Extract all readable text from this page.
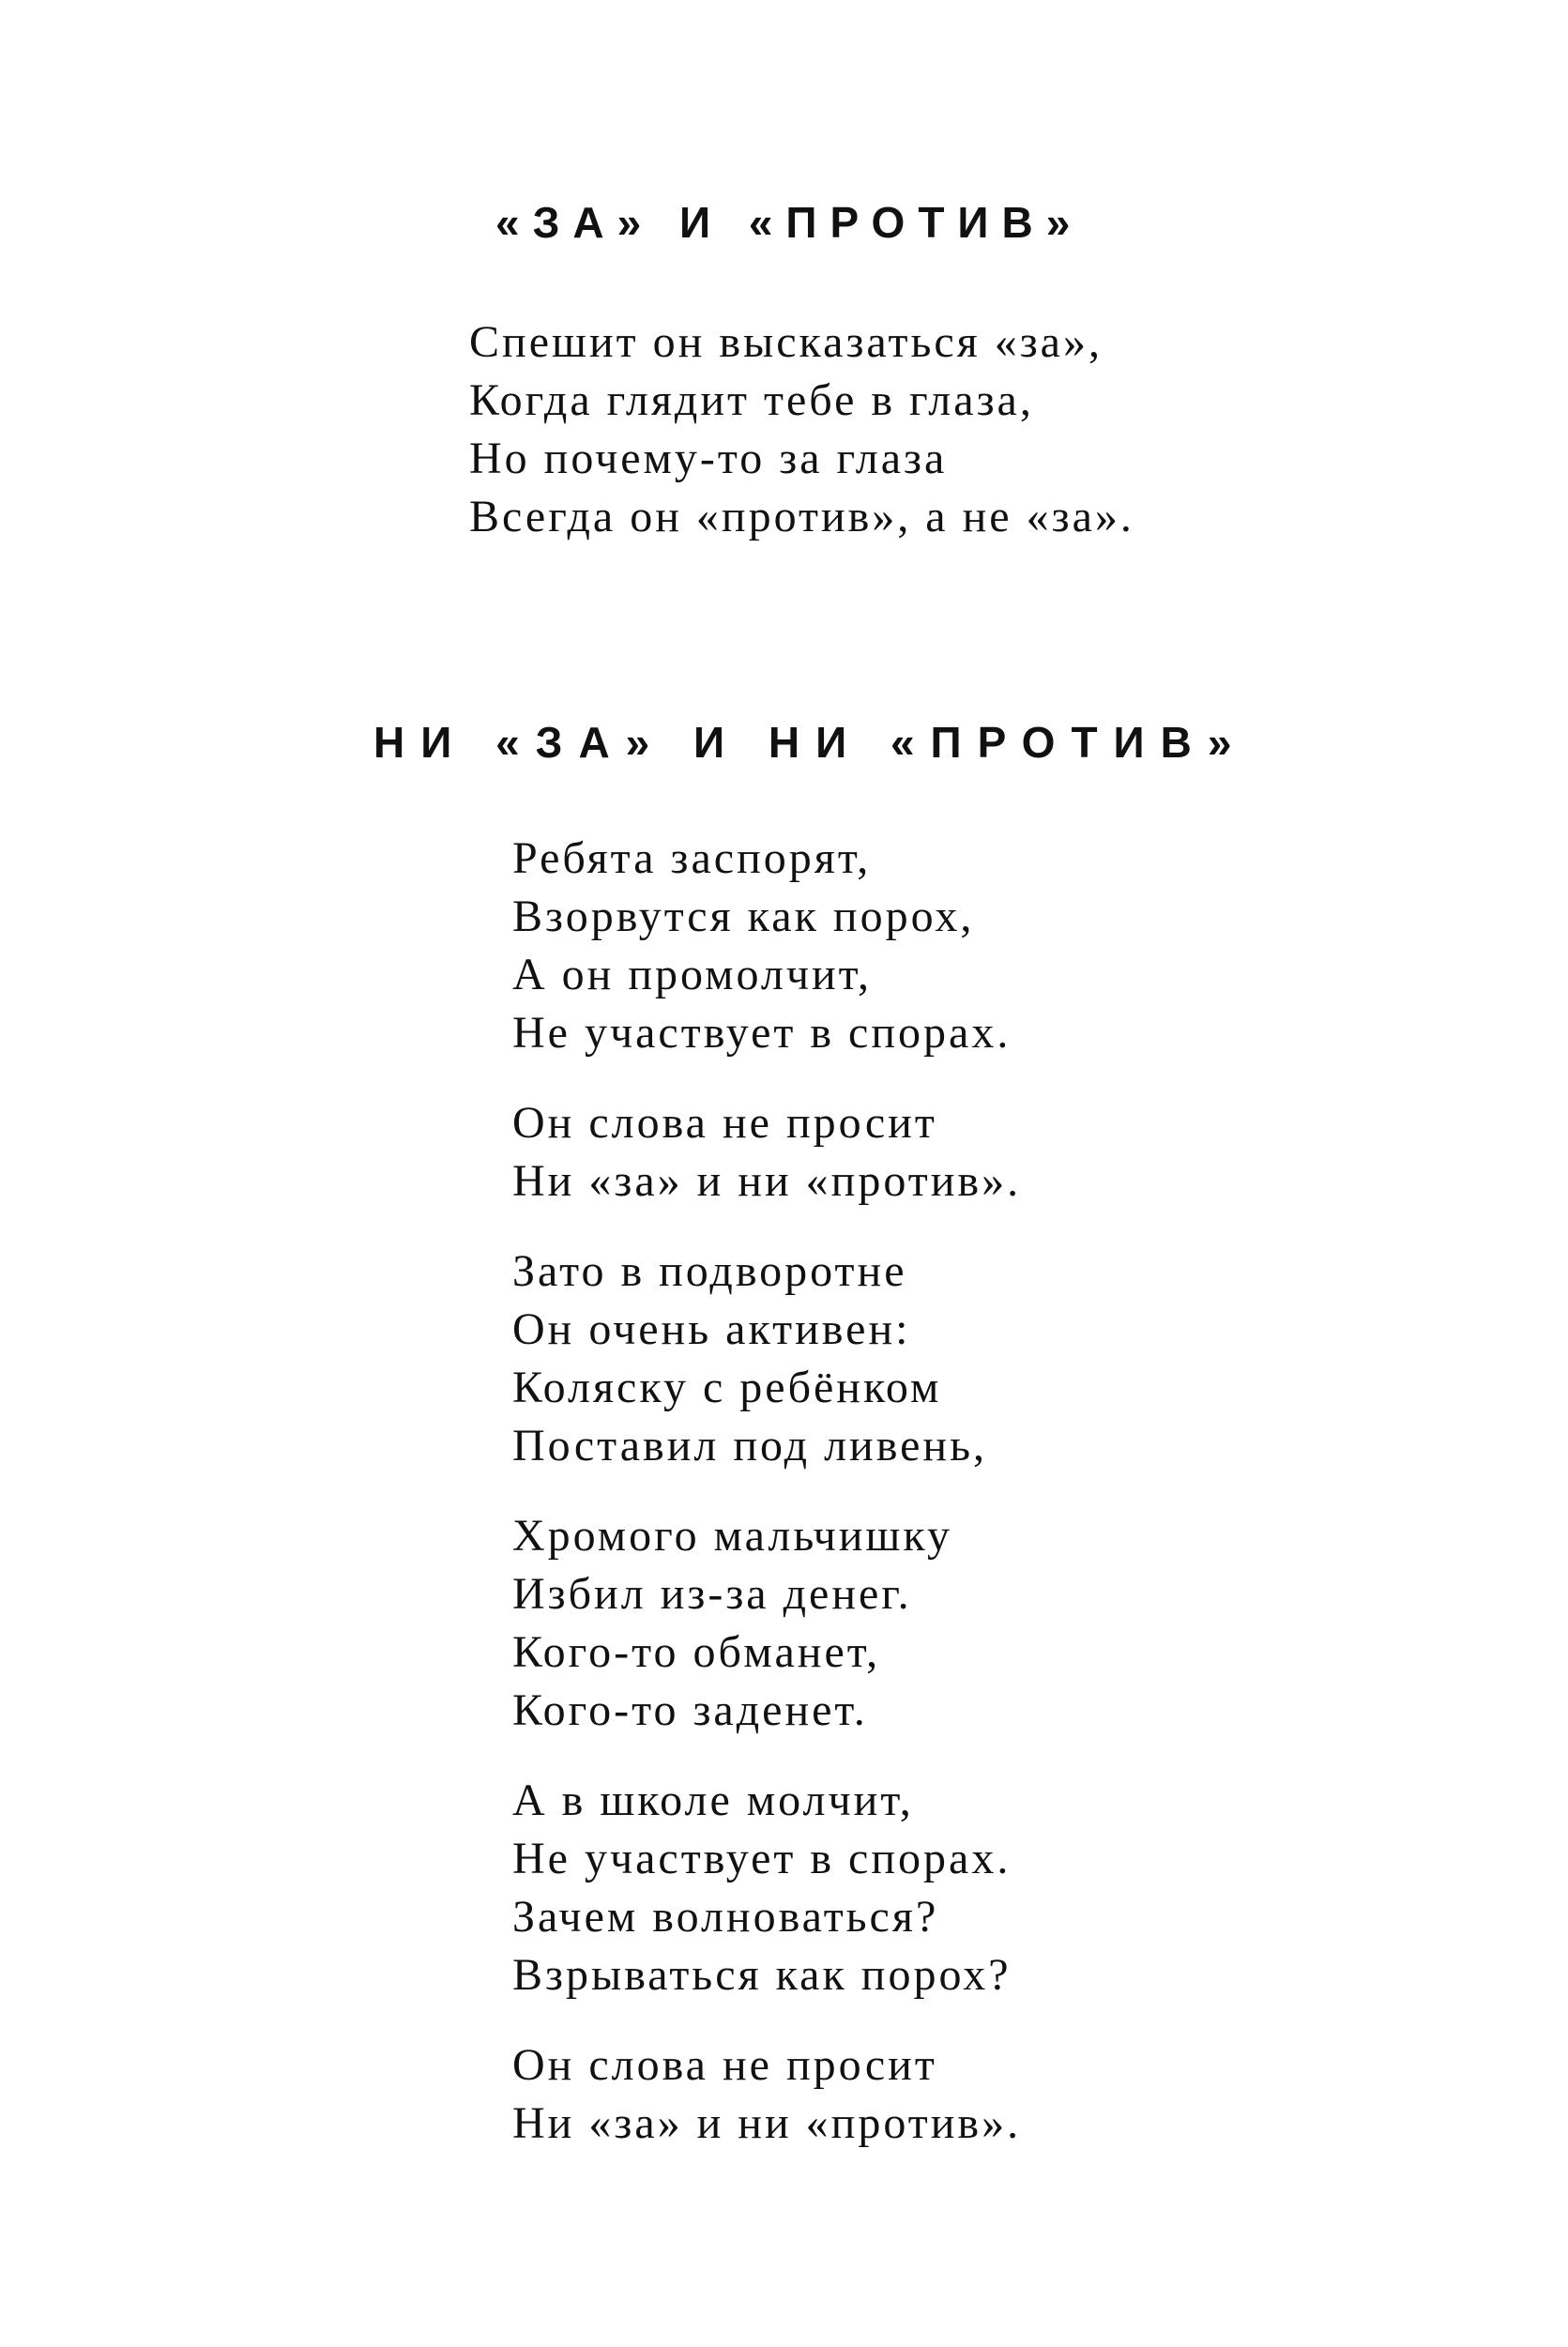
«ЗА» И «ПРОТИВ»
Спешит он высказаться «за»,
Когда глядит тебе в глаза,
Но почему-то за глаза
Всегда он «против», а не «за».
НИ «ЗА» И НИ «ПРОТИВ»
Ребята заспорят,
Взорвутся как порох,
А он промолчит,
Не участвует в спорах.
Он слова не просит
Ни «за» и ни «против».
Зато в подворотне
Он очень активен:
Коляску с ребёнком
Поставил под ливень,
Хромого мальчишку
Избил из-за денег.
Кого-то обманет,
Кого-то заденет.
А в школе молчит,
Не участвует в спорах.
Зачем волноваться?
Взрываться как порох?
Он слова не просит
Ни «за» и ни «против».
